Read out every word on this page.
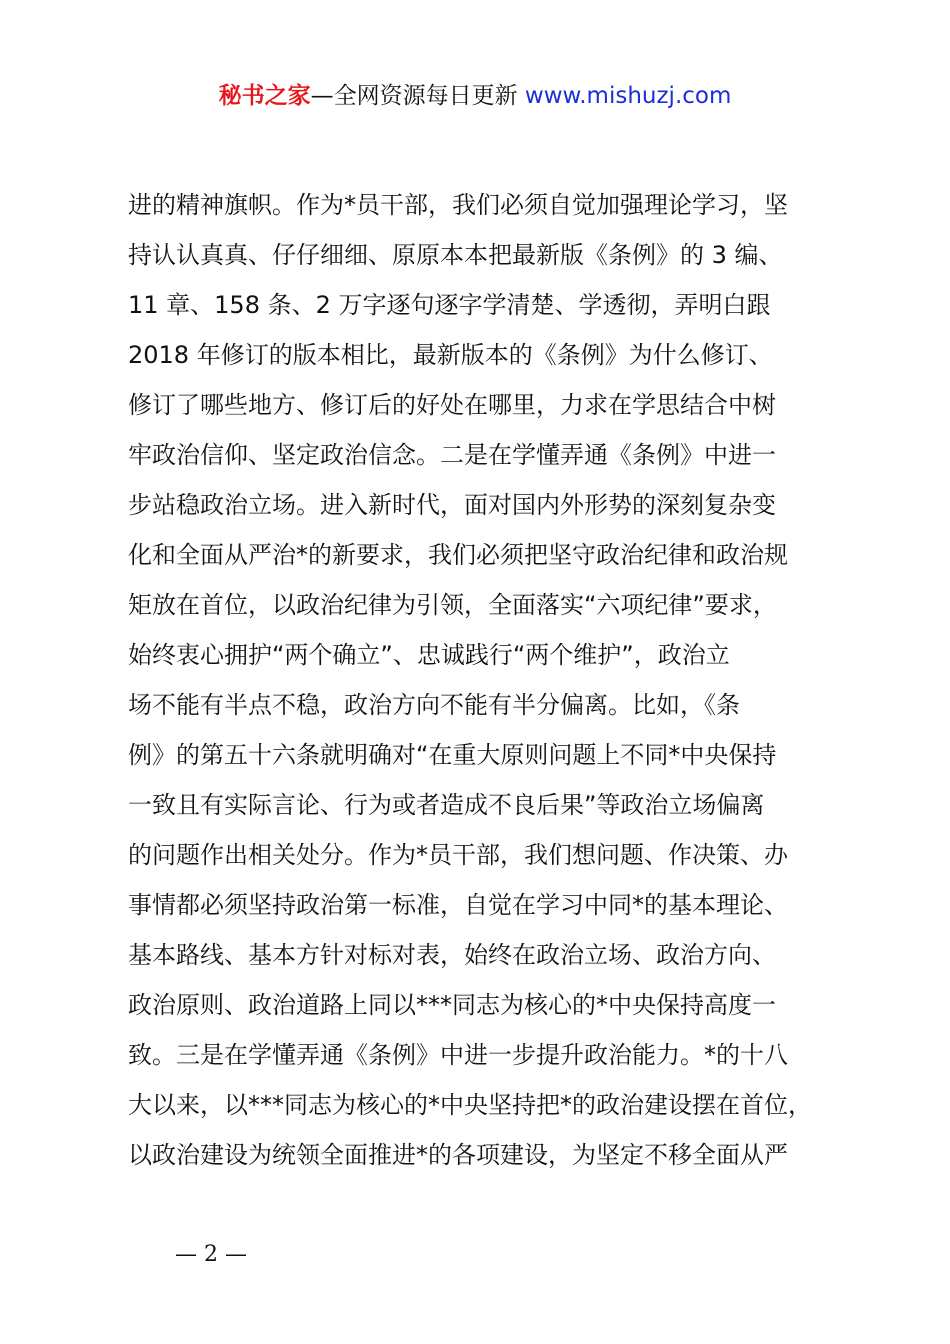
秘书之家—全网资源每日更新 www.mishuzj.com
进的精神旗帜。作为*员干部，我们必须自觉加强理论学习，坚
持认认真真、仔仔细细、原原本本把最新版《条例》的 3 编、
11 章、158 条、2 万字逐句逐字学清楚、学透彻，弄明白跟
2018 年修订的版本相比，最新版本的《条例》为什么修订、
修订了哪些地方、修订后的好处在哪里，力求在学思结合中树
牢政治信仰、坚定政治信念。二是在学懂弄通《条例》中进一
步站稳政治立场。进入新时代，面对国内外形势的深刻复杂变
化和全面从严治*的新要求，我们必须把坚守政治纪律和政治规
矩放在首位，以政治纪律为引领，全面落实“六项纪律”要求，
始终衷心拥护“两个确立”、忠诚践行“两个维护”，政治立
场不能有半点不稳，政治方向不能有半分偏离。比如，《条
例》的第五十六条就明确对“在重大原则问题上不同*中央保持
一致且有实际言论、行为或者造成不良后果”等政治立场偏离
的问题作出相关处分。作为*员干部，我们想问题、作决策、办
事情都必须坚持政治第一标准，自觉在学习中同*的基本理论、
基本路线、基本方针对标对表，始终在政治立场、政治方向、
政治原则、政治道路上同以***同志为核心的*中央保持高度一
致。三是在学懂弄通《条例》中进一步提升政治能力。*的十八
大以来，以***同志为核心的*中央坚持把*的政治建设摆在首位，
以政治建设为统领全面推进*的各项建设，为坚定不移全面从严
— 2 —
